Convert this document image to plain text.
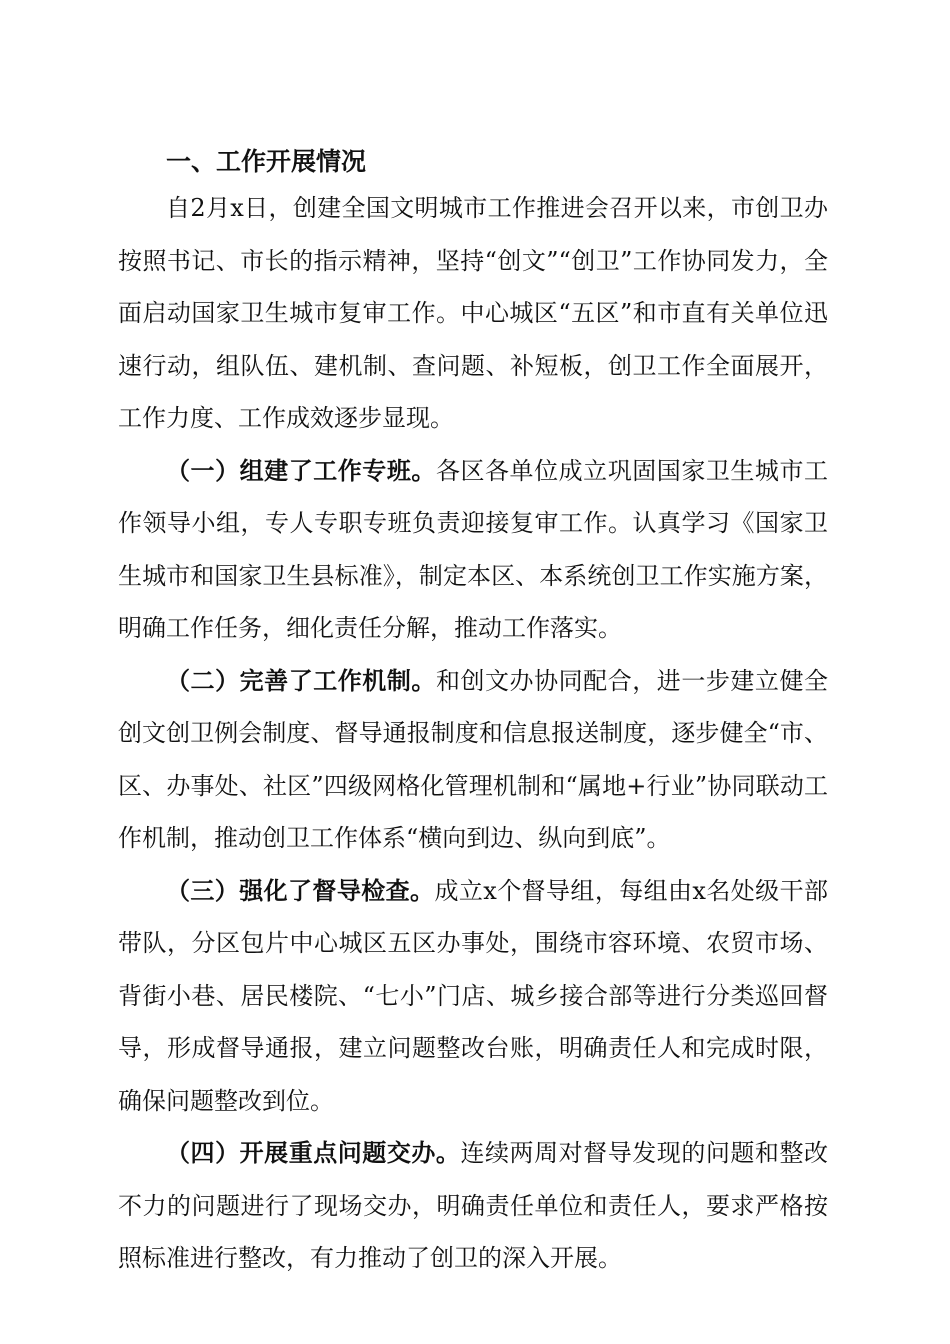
一、工作开展情况

自2月x日，创建全国文明城市工作推进会召开以来，市创卫办按照书记、市长的指示精神，坚持“创文”“创卫”工作协同发力，全面启动国家卫生城市复审工作。中心城区“五区”和市直有关单位迅速行动，组队伍、建机制、查问题、补短板，创卫工作全面展开，工作力度、工作成效逐步显现。

（一）组建了工作专班。各区各单位成立巩固国家卫生城市工作领导小组，专人专职专班负责迎接复审工作。认真学习《国家卫生城市和国家卫生县标准》，制定本区、本系统创卫工作实施方案，明确工作任务，细化责任分解，推动工作落实。

（二）完善了工作机制。和创文办协同配合，进一步建立健全创文创卫例会制度、督导通报制度和信息报送制度，逐步健全“市、区、办事处、社区”四级网格化管理机制和“属地+行业”协同联动工作机制，推动创卫工作体系“横向到边、纵向到底”。

（三）强化了督导检查。成立x个督导组，每组由x名处级干部带队，分区包片中心城区五区办事处，围绕市容环境、农贸市场、背街小巷、居民楼院、“七小”门店、城乡接合部等进行分类巡回督导，形成督导通报，建立问题整改台账，明确责任人和完成时限，确保问题整改到位。

（四）开展重点问题交办。连续两周对督导发现的问题和整改不力的问题进行了现场交办，明确责任单位和责任人，要求严格按照标准进行整改，有力推动了创卫的深入开展。
